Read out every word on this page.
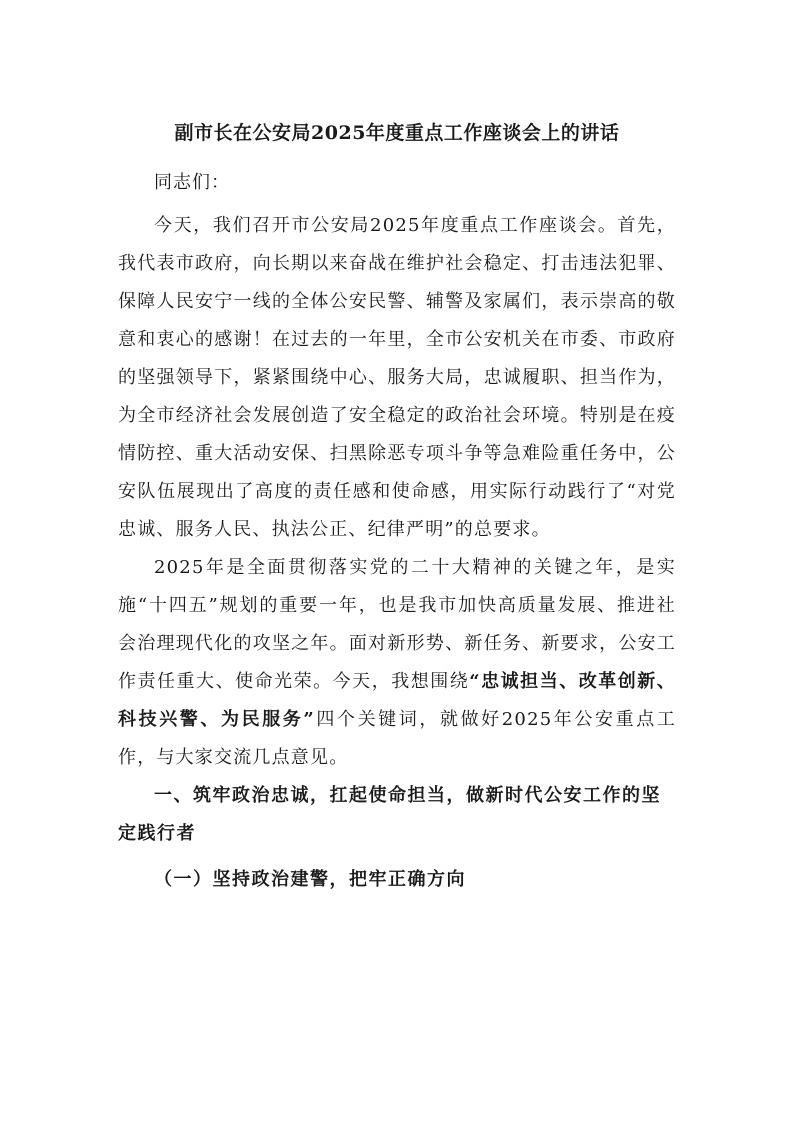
副市长在公安局2025年度重点工作座谈会上的讲话

同志们：

今天，我们召开市公安局2025年度重点工作座谈会。首先，我代表市政府，向长期以来奋战在维护社会稳定、打击违法犯罪、保障人民安宁一线的全体公安民警、辅警及家属们，表示崇高的敬意和衷心的感谢！在过去的一年里，全市公安机关在市委、市政府的坚强领导下，紧紧围绕中心、服务大局，忠诚履职、担当作为，为全市经济社会发展创造了安全稳定的政治社会环境。特别是在疫情防控、重大活动安保、扫黑除恶专项斗争等急难险重任务中，公安队伍展现出了高度的责任感和使命感，用实际行动践行了“对党忠诚、服务人民、执法公正、纪律严明”的总要求。

2025年是全面贯彻落实党的二十大精神的关键之年，是实施“十四五”规划的重要一年，也是我市加快高质量发展、推进社会治理现代化的攻坚之年。面对新形势、新任务、新要求，公安工作责任重大、使命光荣。今天，我想围绕“忠诚担当、改革创新、科技兴警、为民服务”四个关键词，就做好2025年公安重点工作，与大家交流几点意见。

一、筑牢政治忠诚，扛起使命担当，做新时代公安工作的坚定践行者

（一）坚持政治建警，把牢正确方向
